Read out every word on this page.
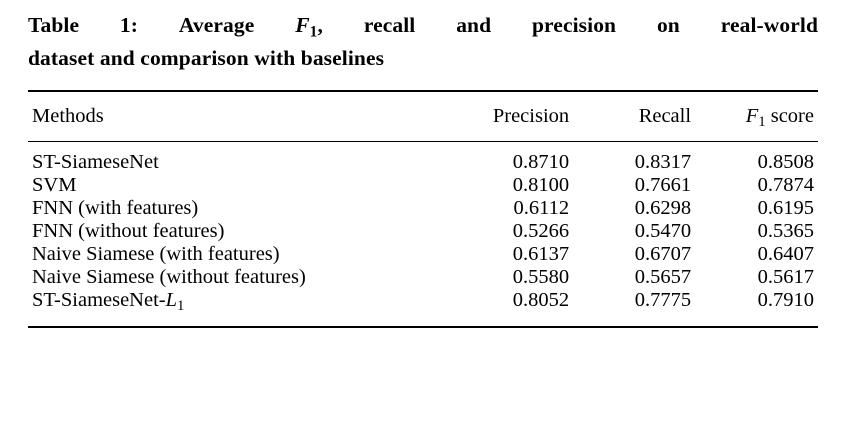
Table 1: Average $F_1$, recall and precision on real-world
dataset and comparison with baselines

Methods	Precision	Recall	$F_1$ score

ST-SiameseNet	0.8710	0.8317	0.8508
SVM	0.8100	0.7661	0.7874
FNN (with features)	0.6112	0.6298	0.6195
FNN (without features)	0.5266	0.5470	0.5365
Naive Siamese (with features)	0.6137	0.6707	0.6407
Naive Siamese (without features)	0.5580	0.5657	0.5617
$ST-SiameseNet-L_1$	0.8052	0.7775	0.7910
